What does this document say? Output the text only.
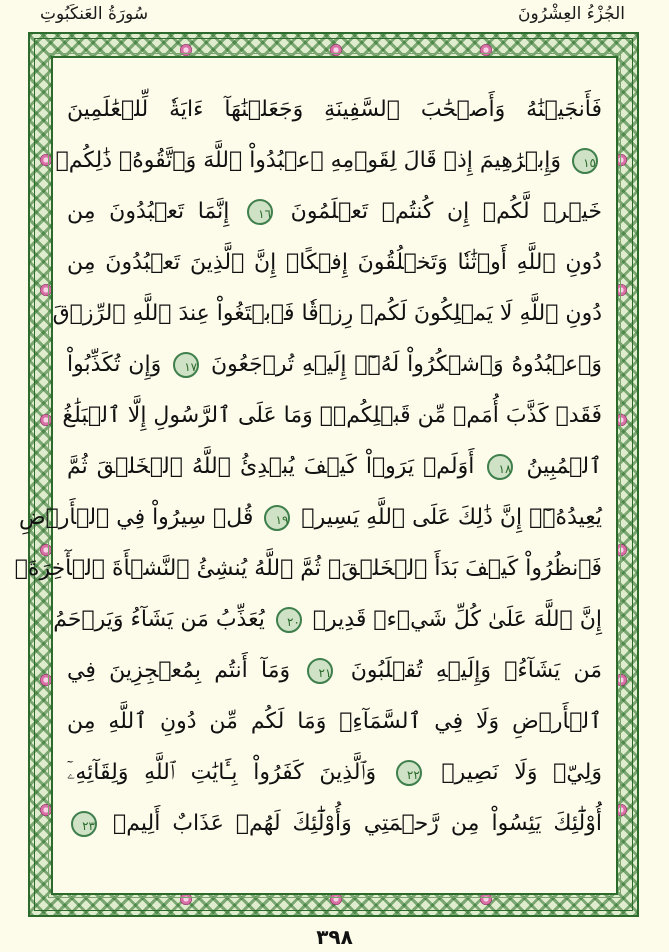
الجُزْءُ العِشْرُونَ
سُورَةُ العَنكَبُوتِ
فَأَنجَيۡنَٰهُ وَأَصۡحَٰبَ ٱلسَّفِينَةِ وَجَعَلۡنَٰهَآ ءَايَةٗ لِّلۡعَٰلَمِينَ
١٥ وَإِبۡرَٰهِيمَ إِذۡ قَالَ لِقَوۡمِهِ ٱعۡبُدُواْ ٱللَّهَ وَٱتَّقُوهُۖ ذَٰلِكُمۡ
خَيۡرٞ لَّكُمۡ إِن كُنتُمۡ تَعۡلَمُونَ ١٦ إِنَّمَا تَعۡبُدُونَ مِن
دُونِ ٱللَّهِ أَوۡثَٰنٗا وَتَخۡلُقُونَ إِفۡكًاۚ إِنَّ ٱلَّذِينَ تَعۡبُدُونَ مِن
دُونِ ٱللَّهِ لَا يَمۡلِكُونَ لَكُمۡ رِزۡقٗا فَٱبۡتَغُواْ عِندَ ٱللَّهِ ٱلرِّزۡقَ
وَٱعۡبُدُوهُ وَٱشۡكُرُواْ لَهُۥٓۖ إِلَيۡهِ تُرۡجَعُونَ ١٧ وَإِن تُكَذِّبُواْ
فَقَدۡ كَذَّبَ أُمَمٞ مِّن قَبۡلِكُمۡۖ وَمَا عَلَى ٱلرَّسُولِ إِلَّا ٱلۡبَلَٰغُ
ٱلۡمُبِينُ ١٨ أَوَلَمۡ يَرَوۡاْ كَيۡفَ يُبۡدِئُ ٱللَّهُ ٱلۡخَلۡقَ ثُمَّ
يُعِيدُهُۥٓۚ إِنَّ ذَٰلِكَ عَلَى ٱللَّهِ يَسِيرٞ ١٩ قُلۡ سِيرُواْ فِي ٱلۡأَرۡضِ
فَٱنظُرُواْ كَيۡفَ بَدَأَ ٱلۡخَلۡقَۚ ثُمَّ ٱللَّهُ يُنشِئُ ٱلنَّشۡأَةَ ٱلۡأٓخِرَةَۚ
إِنَّ ٱللَّهَ عَلَىٰ كُلِّ شَيۡءٖ قَدِيرٞ ٢٠ يُعَذِّبُ مَن يَشَآءُ وَيَرۡحَمُ
مَن يَشَآءُۖ وَإِلَيۡهِ تُقۡلَبُونَ ٢١ وَمَآ أَنتُم بِمُعۡجِزِينَ فِي
ٱلۡأَرۡضِ وَلَا فِي ٱلسَّمَآءِۖ وَمَا لَكُم مِّن دُونِ ٱللَّهِ مِن
وَلِيّٖ وَلَا نَصِيرٖ ٢٢ وَٱلَّذِينَ كَفَرُواْ بِـَٔايَٰتِ ٱللَّهِ وَلِقَآئِهِۦٓ
أُوْلَٰٓئِكَ يَئِسُواْ مِن رَّحۡمَتِي وَأُوْلَٰٓئِكَ لَهُمۡ عَذَابٌ أَلِيمٞ ٢٣
٣٩٨
